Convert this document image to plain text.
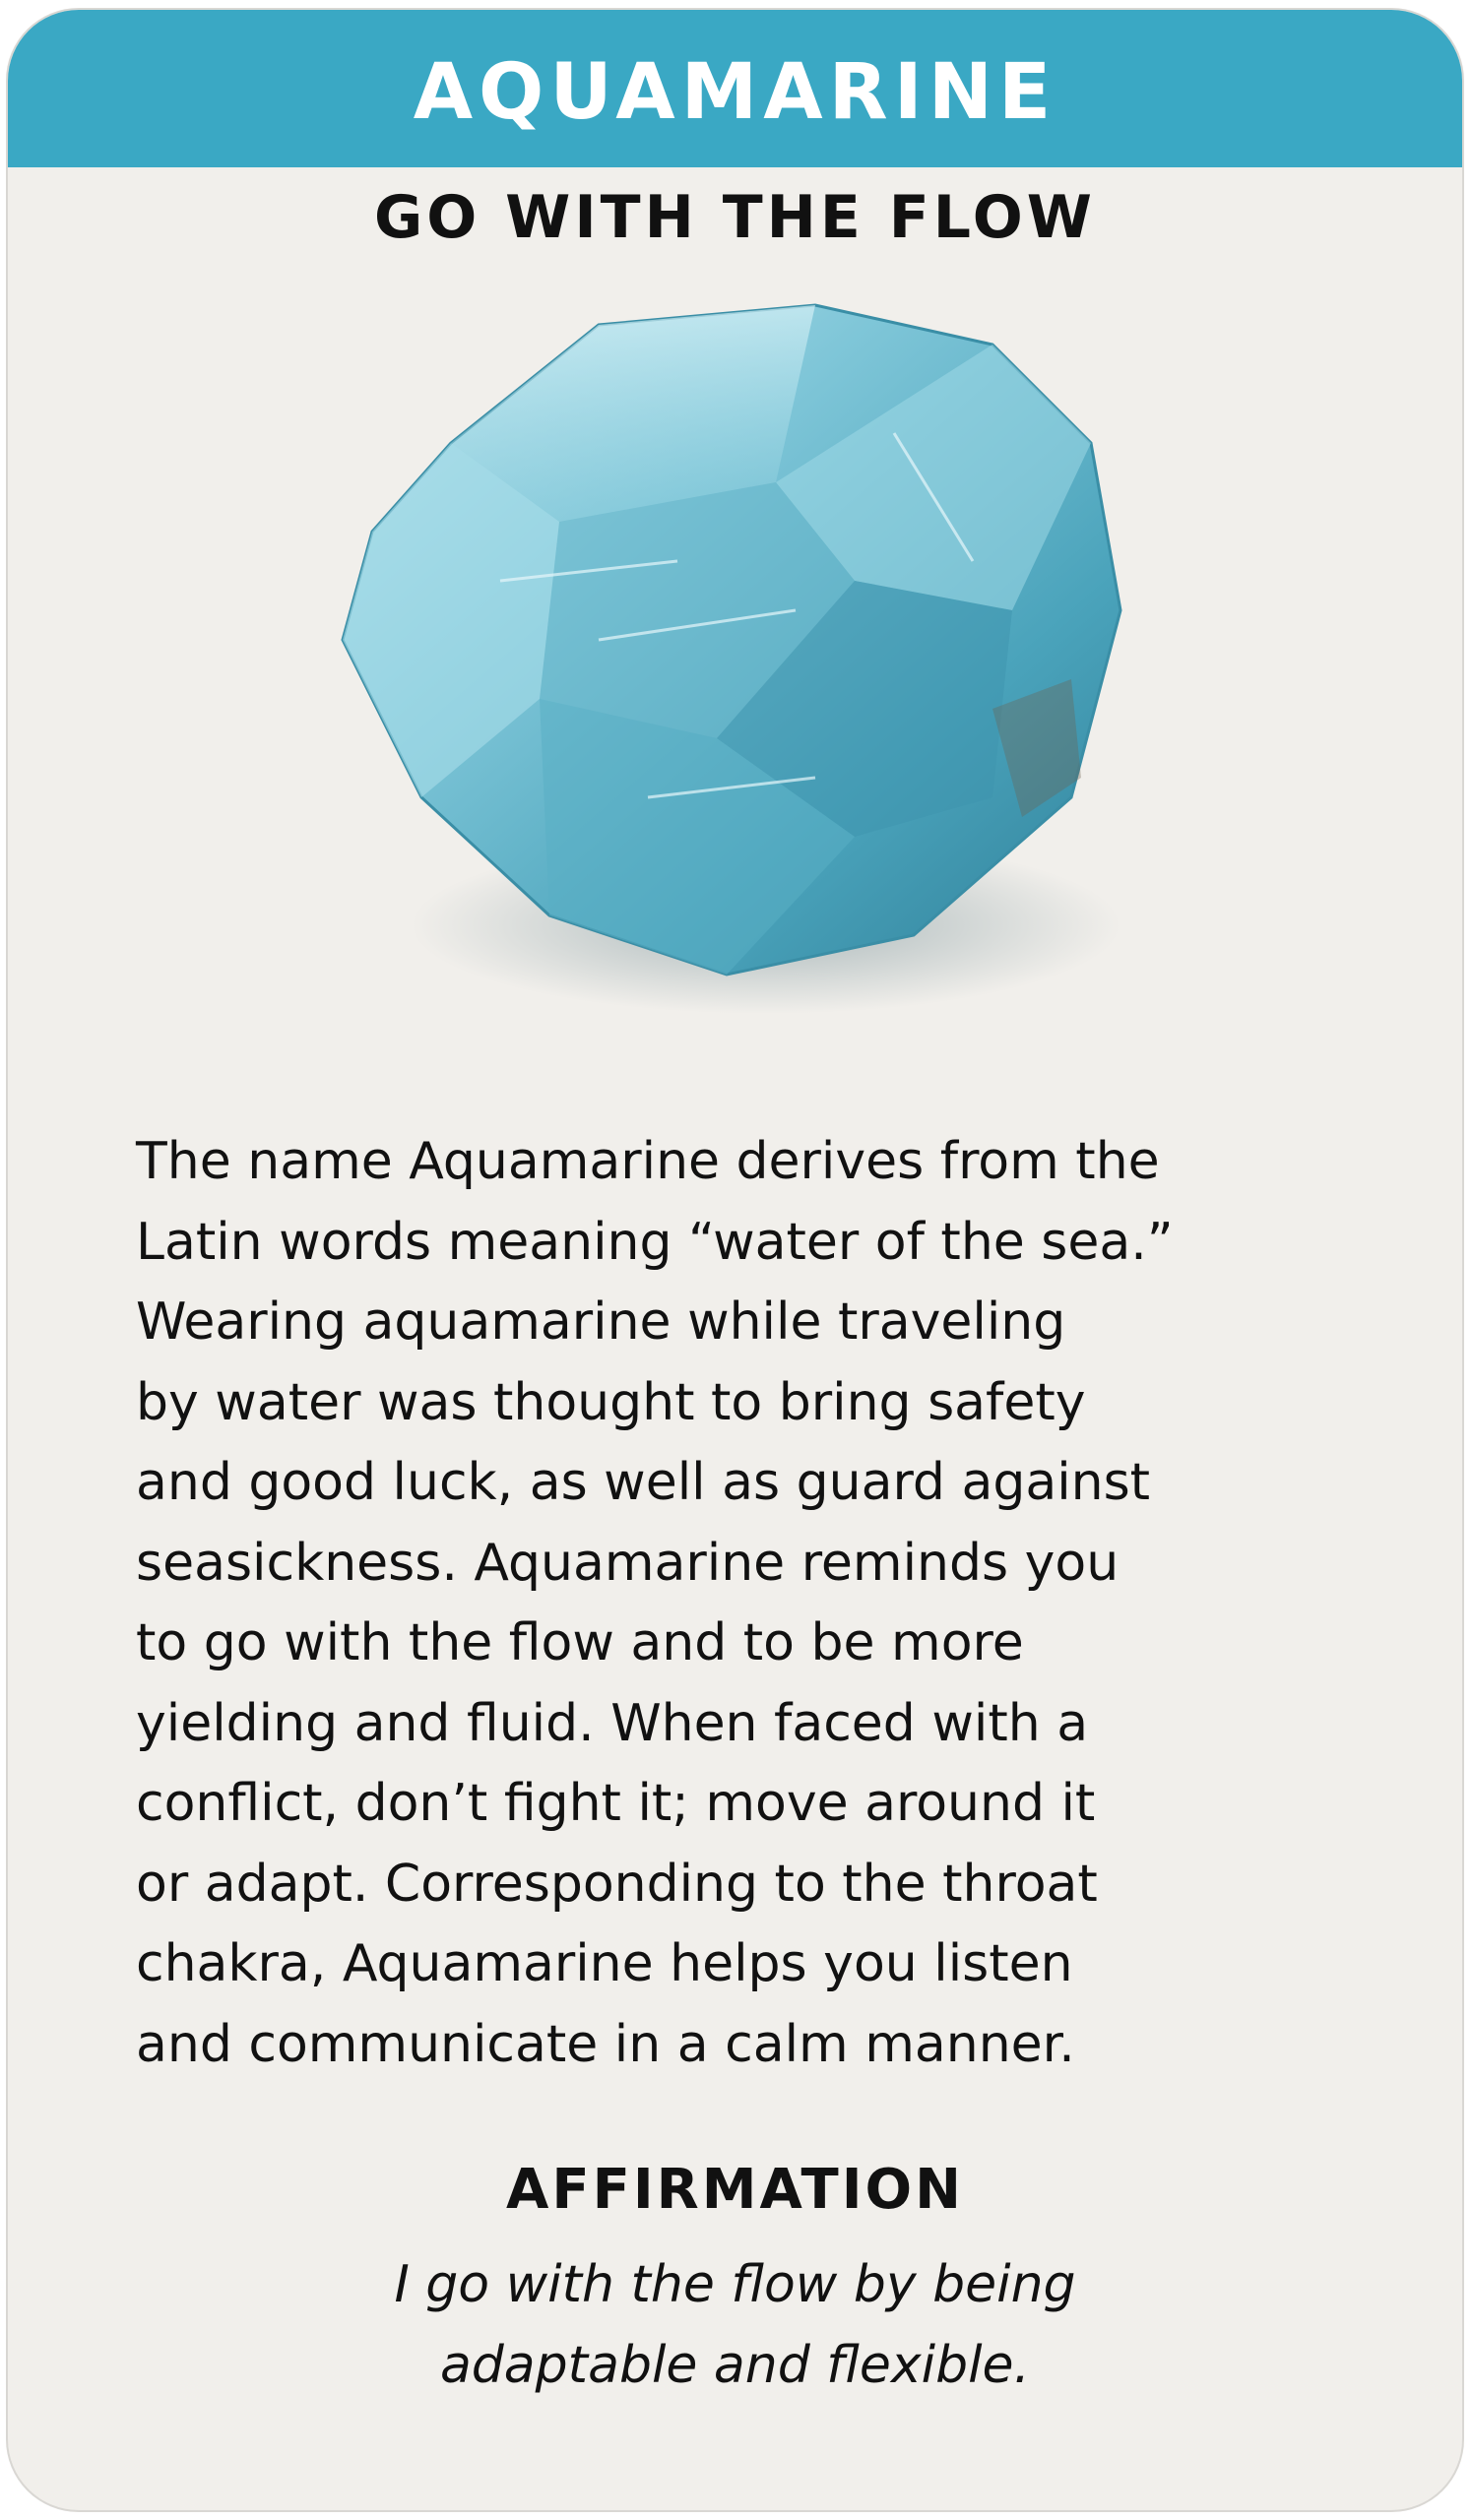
AQUAMARINE
GO WITH THE FLOW
The name Aquamarine derives from the
Latin words meaning “water of the sea.”
Wearing aquamarine while traveling
by water was thought to bring safety
and good luck, as well as guard against
seasickness. Aquamarine reminds you
to go with the flow and to be more
yielding and fluid. When faced with a
conflict, don’t fight it; move around it
or adapt. Corresponding to the throat
chakra, Aquamarine helps you listen
and communicate in a calm manner.
AFFIRMATION
I go with the flow by being
adaptable and flexible.
